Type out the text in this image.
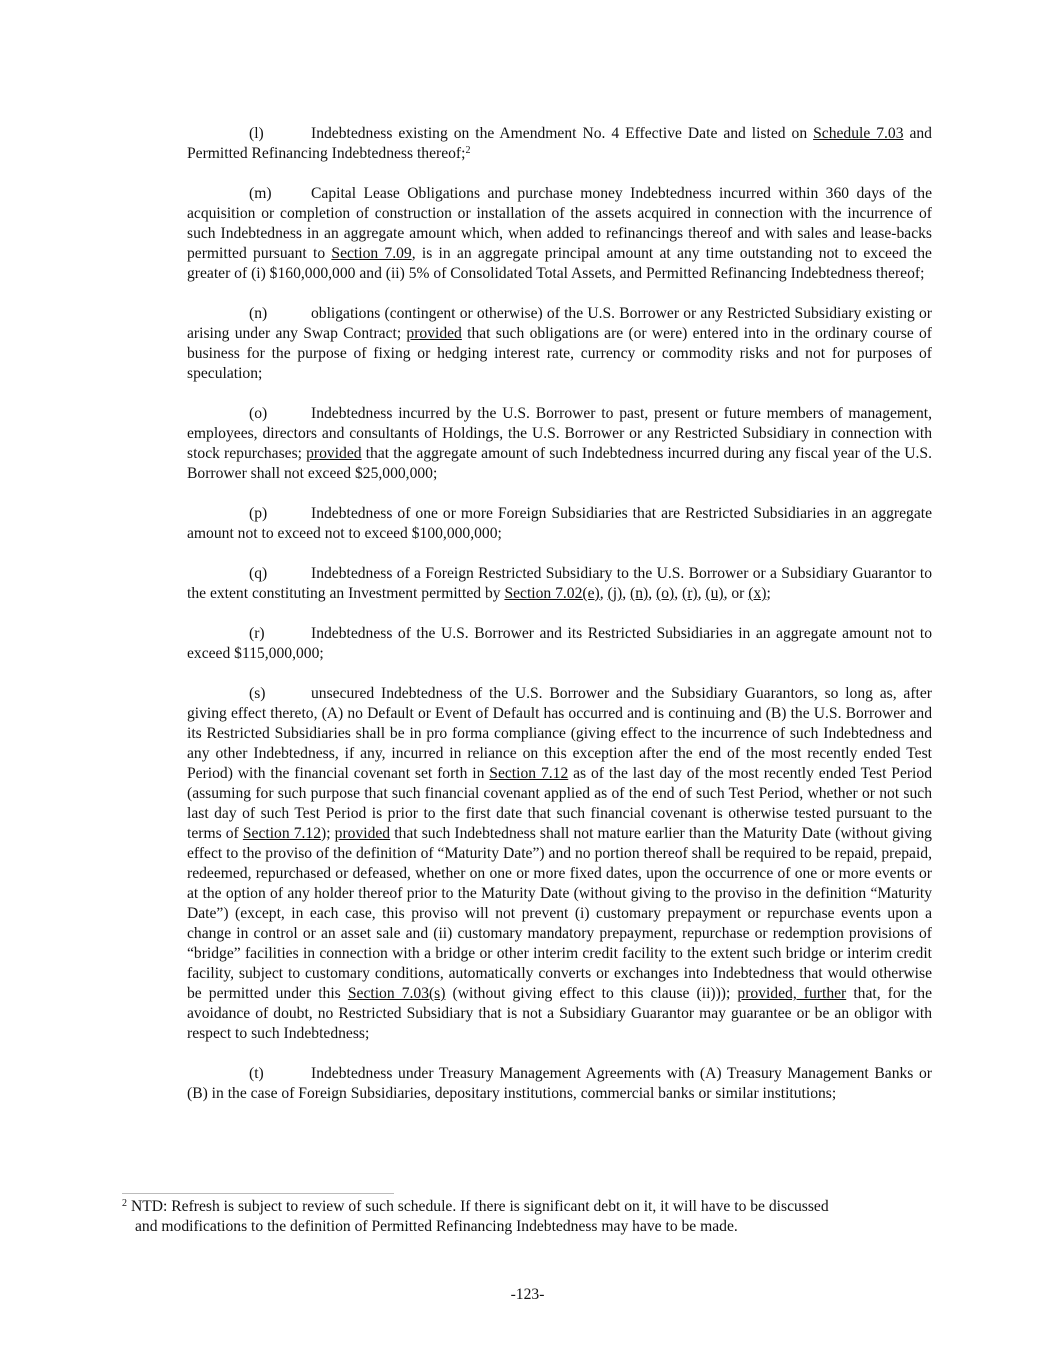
(l)	Indebtedness existing on the Amendment No. 4 Effective Date and listed on Schedule 7.03 and Permitted Refinancing Indebtedness thereof;$^2$

(m)	Capital Lease Obligations and purchase money Indebtedness incurred within 360 days of the acquisition or completion of construction or installation of the assets acquired in connection with the incurrence of such Indebtedness in an aggregate amount which, when added to refinancings thereof and with sales and lease-backs permitted pursuant to Section 7.09, is in an aggregate principal amount at any time outstanding not to exceed the greater of (i) $160,000,000 and (ii) 5% of Consolidated Total Assets, and Permitted Refinancing Indebtedness thereof;

(n)	obligations (contingent or otherwise) of the U.S. Borrower or any Restricted Subsidiary existing or arising under any Swap Contract; provided that such obligations are (or were) entered into in the ordinary course of business for the purpose of fixing or hedging interest rate, currency or commodity risks and not for purposes of speculation;

(o)	Indebtedness incurred by the U.S. Borrower to past, present or future members of management, employees, directors and consultants of Holdings, the U.S. Borrower or any Restricted Subsidiary in connection with stock repurchases; provided that the aggregate amount of such Indebtedness incurred during any fiscal year of the U.S. Borrower shall not exceed $25,000,000;

(p)	Indebtedness of one or more Foreign Subsidiaries that are Restricted Subsidiaries in an aggregate amount not to exceed not to exceed $100,000,000;

(q)	Indebtedness of a Foreign Restricted Subsidiary to the U.S. Borrower or a Subsidiary Guarantor to the extent constituting an Investment permitted by Section 7.02(e), (j), (n), (o), (r), (u), or (x);

(r)	Indebtedness of the U.S. Borrower and its Restricted Subsidiaries in an aggregate amount not to exceed $115,000,000;

(s)	unsecured Indebtedness of the U.S. Borrower and the Subsidiary Guarantors, so long as, after giving effect thereto, (A) no Default or Event of Default has occurred and is continuing and (B) the U.S. Borrower and its Restricted Subsidiaries shall be in pro forma compliance (giving effect to the incurrence of such Indebtedness and any other Indebtedness, if any, incurred in reliance on this exception after the end of the most recently ended Test Period) with the financial covenant set forth in Section 7.12 as of the last day of the most recently ended Test Period (assuming for such purpose that such financial covenant applied as of the end of such Test Period, whether or not such last day of such Test Period is prior to the first date that such financial covenant is otherwise tested pursuant to the terms of Section 7.12); provided that such Indebtedness shall not mature earlier than the Maturity Date (without giving effect to the proviso of the definition of “Maturity Date”) and no portion thereof shall be required to be repaid, prepaid, redeemed, repurchased or defeased, whether on one or more fixed dates, upon the occurrence of one or more events or at the option of any holder thereof prior to the Maturity Date (without giving to the proviso in the definition “Maturity Date”) (except, in each case, this proviso will not prevent (i) customary prepayment or repurchase events upon a change in control or an asset sale and (ii) customary mandatory prepayment, repurchase or redemption provisions of “bridge” facilities in connection with a bridge or other interim credit facility to the extent such bridge or interim credit facility, subject to customary conditions, automatically converts or exchanges into Indebtedness that would otherwise be permitted under this Section 7.03(s) (without giving effect to this clause (ii))); provided, further that, for the avoidance of doubt, no Restricted Subsidiary that is not a Subsidiary Guarantor may guarantee or be an obligor with respect to such Indebtedness;

(t)	Indebtedness under Treasury Management Agreements with (A) Treasury Management Banks or (B) in the case of Foreign Subsidiaries, depositary institutions, commercial banks or similar institutions;

$^2$ NTD: Refresh is subject to review of such schedule. If there is significant debt on it, it will have to be discussed
and modifications to the definition of Permitted Refinancing Indebtedness may have to be made.
-123-
